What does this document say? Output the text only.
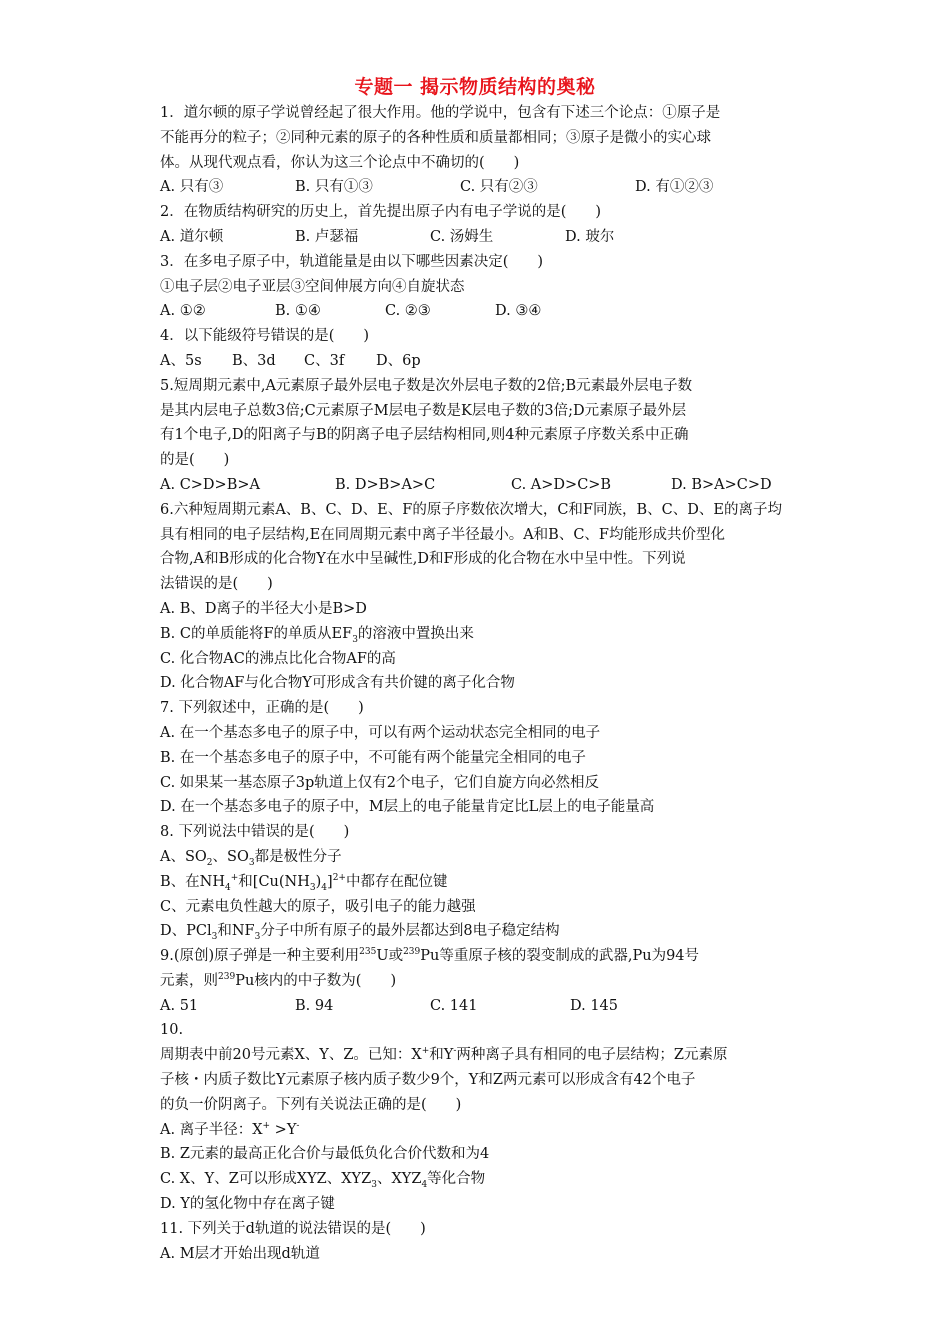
专题一 揭示物质结构的奥秘
1．道尔顿的原子学说曾经起了很大作用。他的学说中，包含有下述三个论点：①原子是
不能再分的粒子；②同种元素的原子的各种性质和质量都相同；③原子是微小的实心球
体。从现代观点看，你认为这三个论点中不确切的(　　)
A. 只有③	B. 只有①③	C. 只有②③	D. 有①②③
2．在物质结构研究的历史上，首先提出原子内有电子学说的是(　　)
A. 道尔顿	B. 卢瑟福	C. 汤姆生	D. 玻尔
3．在多电子原子中，轨道能量是由以下哪些因素决定(　　)
①电子层②电子亚层③空间伸展方向④自旋状态
A. ①②	B. ①④	C. ②③	D. ③④
4．以下能级符号错误的是(　　)
A、5s	B、3d	C、3f	D、6p
5.短周期元素中,A元素原子最外层电子数是次外层电子数的2倍;B元素最外层电子数
是其内层电子总数3倍;C元素原子M层电子数是K层电子数的3倍;D元素原子最外层
有1个电子,D的阳离子与B的阴离子电子层结构相同,则4种元素原子序数关系中正确
的是(　　)
A. C>D>B>A	B. D>B>A>C	C. A>D>C>B	D. B>A>C>D
6.六种短周期元素A、B、C、D、E、F的原子序数依次增大，C和F同族，B、C、D、E的离子均
具有相同的电子层结构,E在同周期元素中离子半径最小。A和B、C、F均能形成共价型化
合物,A和B形成的化合物Y在水中呈碱性,D和F形成的化合物在水中呈中性。下列说
法错误的是(　　)
A. B、D离子的半径大小是B>D
B. C的单质能将F的单质从$EF_3$的溶液中置换出来
C. 化合物AC的沸点比化合物AF的高
D. 化合物AF与化合物Y可形成含有共价键的离子化合物
7. 下列叙述中，正确的是(　　)
A. 在一个基态多电子的原子中，可以有两个运动状态完全相同的电子
B. 在一个基态多电子的原子中，不可能有两个能量完全相同的电子
C. 如果某一基态原子3p轨道上仅有2个电子，它们自旋方向必然相反
D. 在一个基态多电子的原子中，M层上的电子能量肯定比L层上的电子能量高
8. 下列说法中错误的是(　　)
A、$SO_2$、$SO_3$都是极性分子
B、在$NH_4^+$和$[Cu(NH_3)_4]^{2+}$中都存在配位键
C、元素电负性越大的原子，吸引电子的能力越强
D、PCl$_3$和$NF_3$分子中所有原子的最外层都达到8电子稳定结构
9.(原创)原子弹是一种主要利用$^{235}$U或$^{239}$Pu等重原子核的裂变制成的武器,Pu为94号
元素，则$^{239}$Pu核内的中子数为(　　)
A. 51	B. 94	C. 141	D. 145
10.
周期表中前20号元素X、Y、Z。已知：X+和Y-两种离子具有相同的电子层结构；Z元素原
子核・内质子数比Y元素原子核内质子数少9个，Y和Z两元素可以形成含有42个电子
的负一价阴离子。下列有关说法正确的是(　　)
A. 离子半径：X+ >Y-
B. Z元素的最高正化合价与最低负化合价代数和为4
C. X、Y、Z可以形成XYZ、$XYZ_3$、$XYZ_4$等化合物
D. Y的氢化物中存在离子键
11. 下列关于d轨道的说法错误的是(　　)
A. M层才开始出现d轨道
